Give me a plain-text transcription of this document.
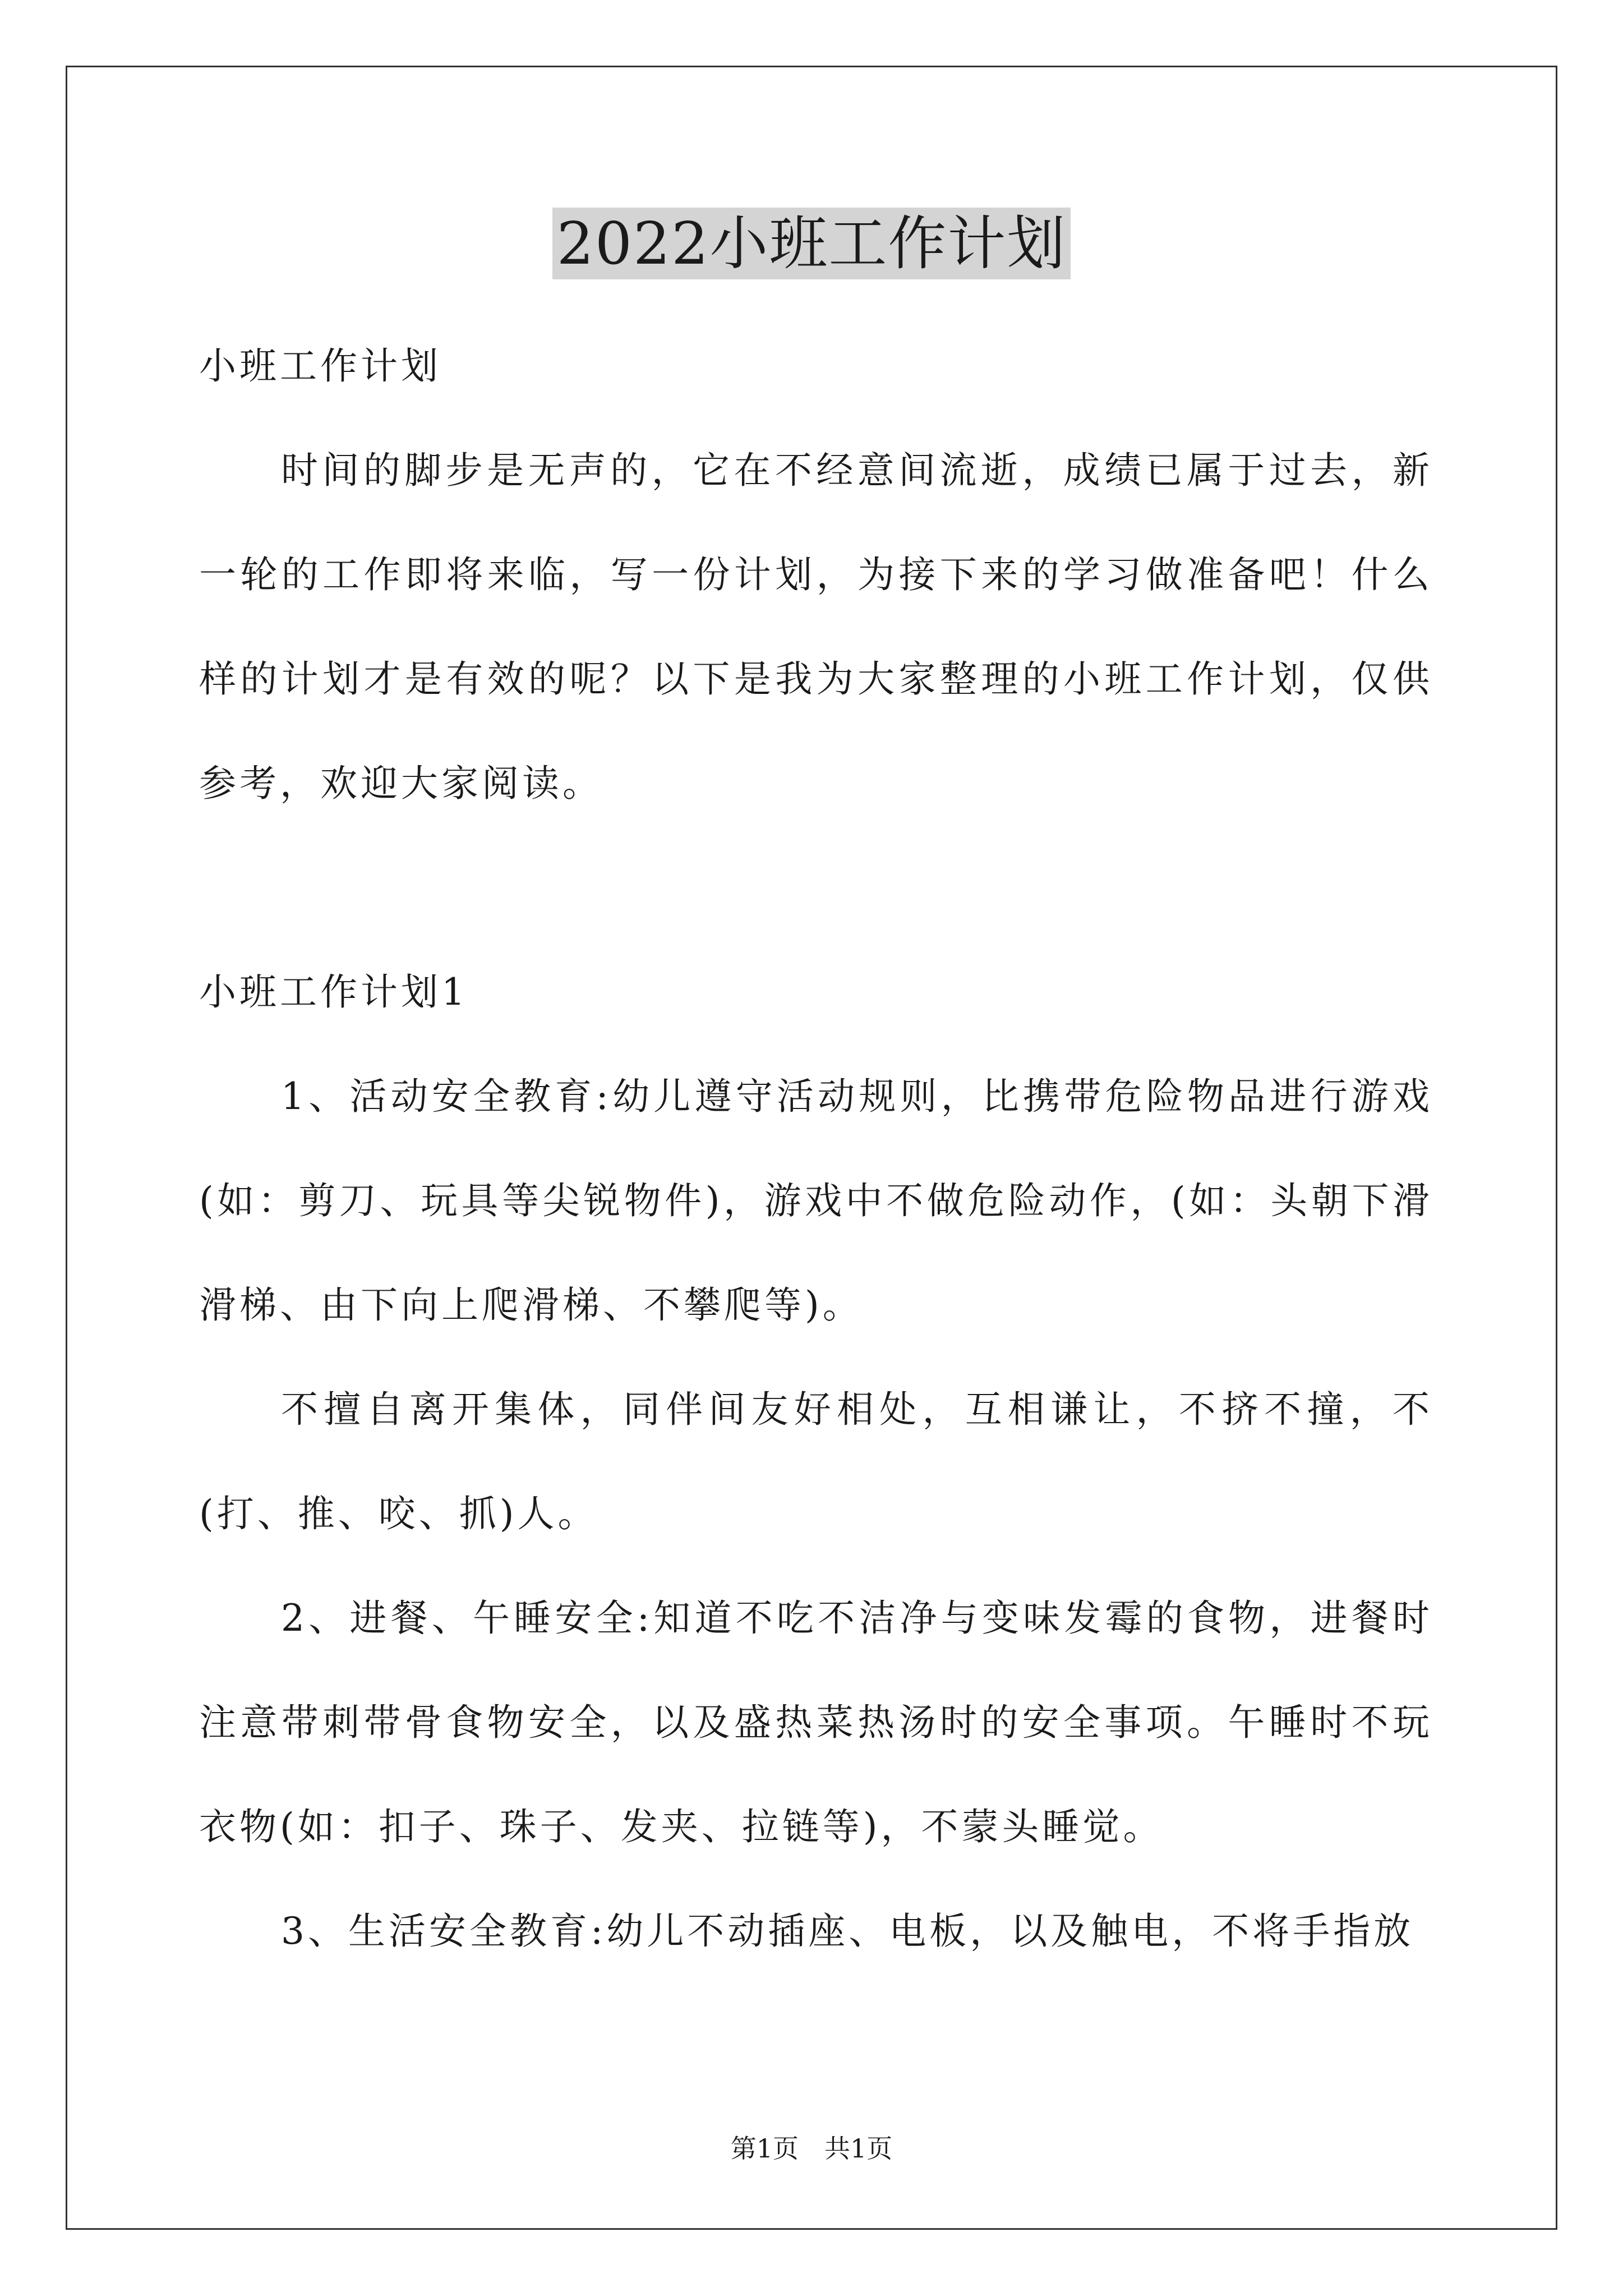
2022小班工作计划

小班工作计划

时间的脚步是无声的，它在不经意间流逝，成绩已属于过去，新一轮的工作即将来临，写一份计划，为接下来的学习做准备吧！什么样的计划才是有效的呢？以下是我为大家整理的小班工作计划，仅供参考，欢迎大家阅读。

小班工作计划1

1、活动安全教育:幼儿遵守活动规则，比携带危险物品进行游戏(如：剪刀、玩具等尖锐物件)，游戏中不做危险动作，(如：头朝下滑滑梯、由下向上爬滑梯、不攀爬等)。

不擅自离开集体，同伴间友好相处，互相谦让，不挤不撞，不(打、推、咬、抓)人。

2、进餐、午睡安全:知道不吃不洁净与变味发霉的食物，进餐时注意带刺带骨食物安全，以及盛热菜热汤时的安全事项。午睡时不玩衣物(如：扣子、珠子、发夹、拉链等)，不蒙头睡觉。

3、生活安全教育:幼儿不动插座、电板，以及触电，不将手指放

第1页　共1页
